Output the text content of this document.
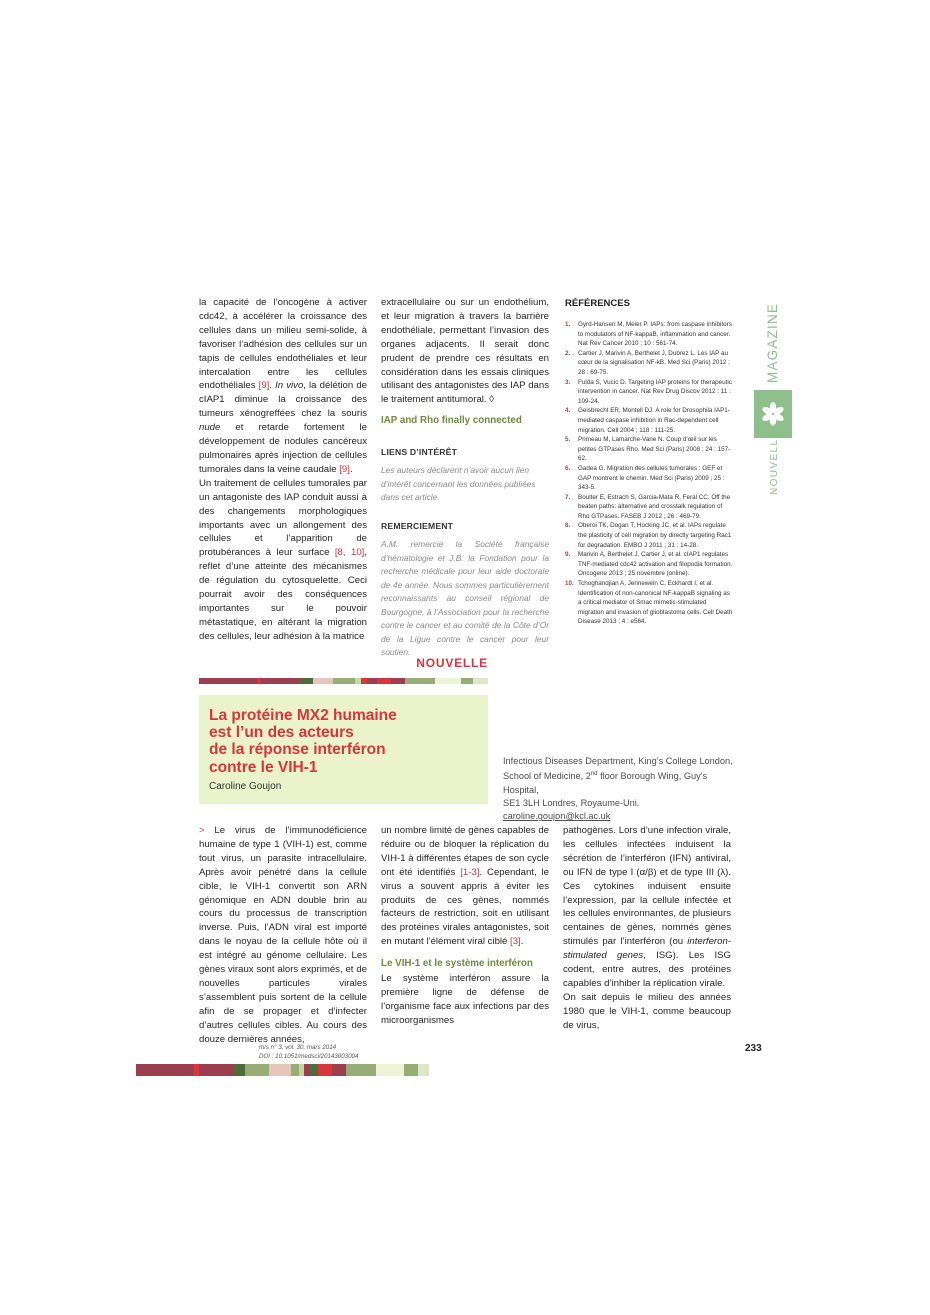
la capacité de l’oncogène à activer cdc42, à accélérer la croissance des cellules dans un milieu semi-solide, à favoriser l’adhésion des cellules sur un tapis de cellules endothéliales et leur intercalation entre les cellules endothéliales [9]. In vivo, la délétion de cIAP1 diminue la croissance des tumeurs xénogreffées chez la souris nude et retarde fortement le développement de nodules cancéreux pulmonaires après injection de cellules tumorales dans la veine caudale [9].

Un traitement de cellules tumorales par un antagoniste des IAP conduit aussi à des changements morphologiques importants avec un allongement des cellules et l’apparition de protubérances à leur surface [8, 10], reflet d’une atteinte des mécanismes de régulation du cytosquelette. Ceci pourrait avoir des conséquences importantes sur le pouvoir métastatique, en altérant la migration des cellules, leur adhésion à la matrice

extracellulaire ou sur un endothélium, et leur migration à travers la barrière endothéliale, permettant l’invasion des organes adjacents. Il serait donc prudent de prendre ces résultats en considération dans les essais cliniques utilisant des antagonistes des IAP dans le traitement antitumoral. ◊

IAP and Rho finally connected
LIENS D’INTÉRÊT
Les auteurs déclarent n’avoir aucun lien d’intérêt concernant les données publiées dans cet article.
REMERCIEMENT
A.M. remercie la Société française d’hématologie et J.B. la Fondation pour la recherche médicale pour leur aide doctorale de 4e année. Nous sommes particulièrement reconnaissants au conseil régional de Bourgogne, à l’Association pour la recherche contre le cancer et au comité de la Côte d’Or de la Ligue contre le cancer pour leur soutien.
RÉFÉRENCES
1. Gyrd-Hansen M, Meier P. IAPs: from caspase inhibitors to modulators of NF-kappaB, inflammation and cancer. Nat Rev Cancer 2010 ; 10 : 561-74.
2. Cartier J, Marivin A, Berthelet J, Dubrez L. Les IAP au cœur de la signalisation NF-kB. Med Sci (Paris) 2012 ; 28 : 69-75.
3. Fulda S, Vucic D. Targeting IAP proteins for therapeutic intervention in cancer. Nat Rev Drug Discov 2012 ; 11 : 109-24.
4. Geisbrecht ER, Montell DJ. A role for Drosophila IAP1-mediated caspase inhibition in Rac-dependent cell migration. Cell 2004 ; 118 : 111-25.
5. Primeau M, Lamarche-Vane N. Coup d’œil sur les petites GTPases Rho. Med Sci (Paris) 2008 ; 24 : 157-62.
6. Gadea G. Migration des cellules tumorales : GEF et GAP montrent le chemin. Med Sci (Paris) 2009 ; 25 : 343-5.
7. Boulter E, Estrach S, Garcia-Mata R, Feral CC. Off the beaten paths: alternative and crosstalk regulation of Rho GTPases. FASEB J 2012 ; 26 : 469-79.
8. Oberoi TK, Dogan T, Hocking JC, et al. IAPs regulate the plasticity of cell migration by directly targeting Rac1 for degradation. EMBO J 2011 ; 31 : 14-28.
9. Marivin A, Berthelet J, Cartier J, et al. cIAP1 regulates TNF-mediated cdc42 activation and filopodia formation. Oncogene 2013 ; 25 novembre (online).
10. Tchoghandjian A, Jennewein C, Eckhardt I, et al. Identification of non-canonical NF-kappaB signaling as a critical mediator of Smac mimetic-stimulated migration and invasion of glioblastoma cells. Cell Death Disease 2013 ; 4 : e564.
MAGAZINE
NOUVELLES
NOUVELLE
La protéine MX2 humaine
est l’un des acteurs
de la réponse interféron
contre le VIH-1
Caroline Goujon
Infectious Diseases Department, King’s College London,
School of Medicine, 2nd floor Borough Wing, Guy’s Hospital,
SE1 3LH Londres, Royaume-Uni.
caroline.goujon@kcl.ac.uk

> Le virus de l’immunodéficience humaine de type 1 (VIH-1) est, comme tout virus, un parasite intracellulaire. Après avoir pénétré dans la cellule cible, le VIH-1 convertit son ARN génomique en ADN double brin au cours du processus de transcription inverse. Puis, l’ADN viral est importé dans le noyau de la cellule hôte où il est intégré au génome cellulaire. Les gènes viraux sont alors exprimés, et de nouvelles particules virales s’assemblent puis sortent de la cellule afin de se propager et d’infecter d’autres cellules cibles. Au cours des douze dernières années,

un nombre limité de gènes capables de réduire ou de bloquer la réplication du VIH-1 à différentes étapes de son cycle ont été identifiés [1-3]. Cependant, le virus a souvent appris à éviter les produits de ces gènes, nommés facteurs de restriction, soit en utilisant des protéines virales antagonistes, soit en mutant l’élément viral ciblé [3].

Le VIH-1 et le système interféron

Le système interféron assure la première ligne de défense de l’organisme face aux infections par des microorganismes

pathogènes. Lors d’une infection virale, les cellules infectées induisent la sécrétion de l’interféron (IFN) antiviral, ou IFN de type I (α/β) et de type III (λ). Ces cytokines induisent ensuite l’expression, par la cellule infectée et les cellules environnantes, de plusieurs centaines de gènes, nommés gènes stimulés par l’interféron (ou interferon-stimulated genes, ISG). Les ISG codent, entre autres, des protéines capables d’inhiber la réplication virale.

On sait depuis le milieu des années 1980 que le VIH-1, comme beaucoup de virus,

m/s n° 3, vol. 30, mars 2014
DOI : 10.1051/medsci/20143003004
233
